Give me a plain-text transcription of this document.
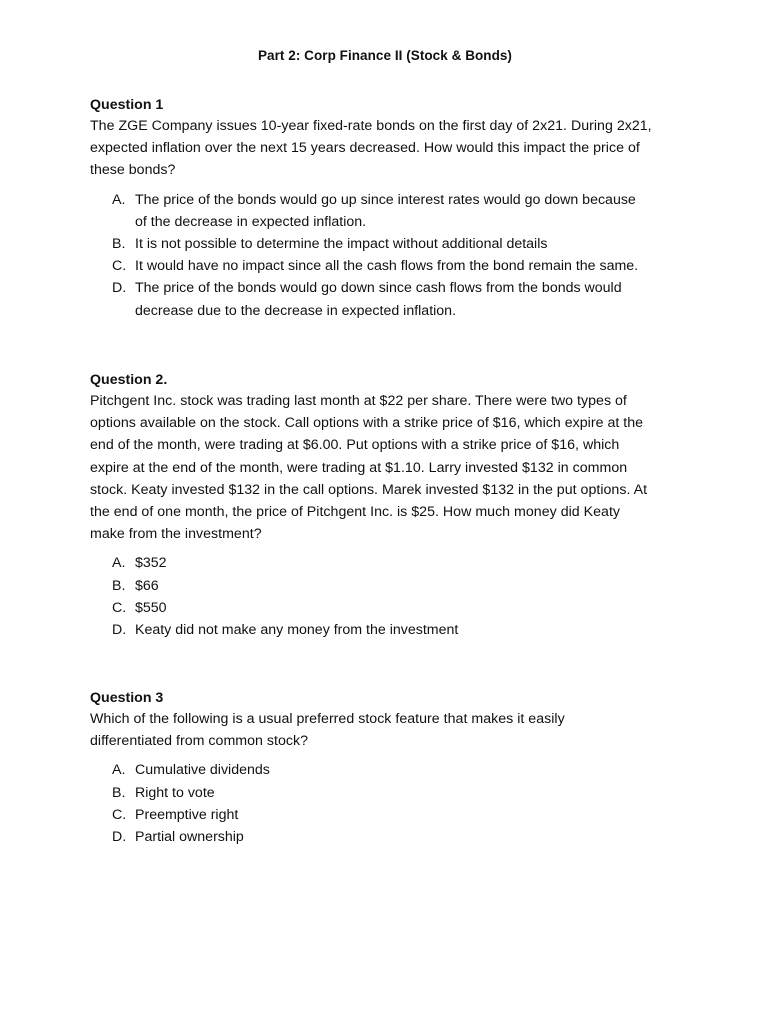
Part 2: Corp Finance II (Stock & Bonds)
Question 1
The ZGE Company issues 10-year fixed-rate bonds on the first day of 2x21. During 2x21,
expected inflation over the next 15 years decreased. How would this impact the price of
these bonds?
A. The price of the bonds would go up since interest rates would go down because
of the decrease in expected inflation.
B. It is not possible to determine the impact without additional details
C. It would have no impact since all the cash flows from the bond remain the same.
D. The price of the bonds would go down since cash flows from the bonds would
decrease due to the decrease in expected inflation.
Question 2.
Pitchgent Inc. stock was trading last month at $22 per share. There were two types of
options available on the stock. Call options with a strike price of $16, which expire at the
end of the month, were trading at $6.00. Put options with a strike price of $16, which
expire at the end of the month, were trading at $1.10. Larry invested $132 in common
stock. Keaty invested $132 in the call options. Marek invested $132 in the put options. At
the end of one month, the price of Pitchgent Inc. is $25. How much money did Keaty
make from the investment?
A. $352
B. $66
C. $550
D. Keaty did not make any money from the investment
Question 3
Which of the following is a usual preferred stock feature that makes it easily
differentiated from common stock?
A. Cumulative dividends
B. Right to vote
C. Preemptive right
D. Partial ownership
